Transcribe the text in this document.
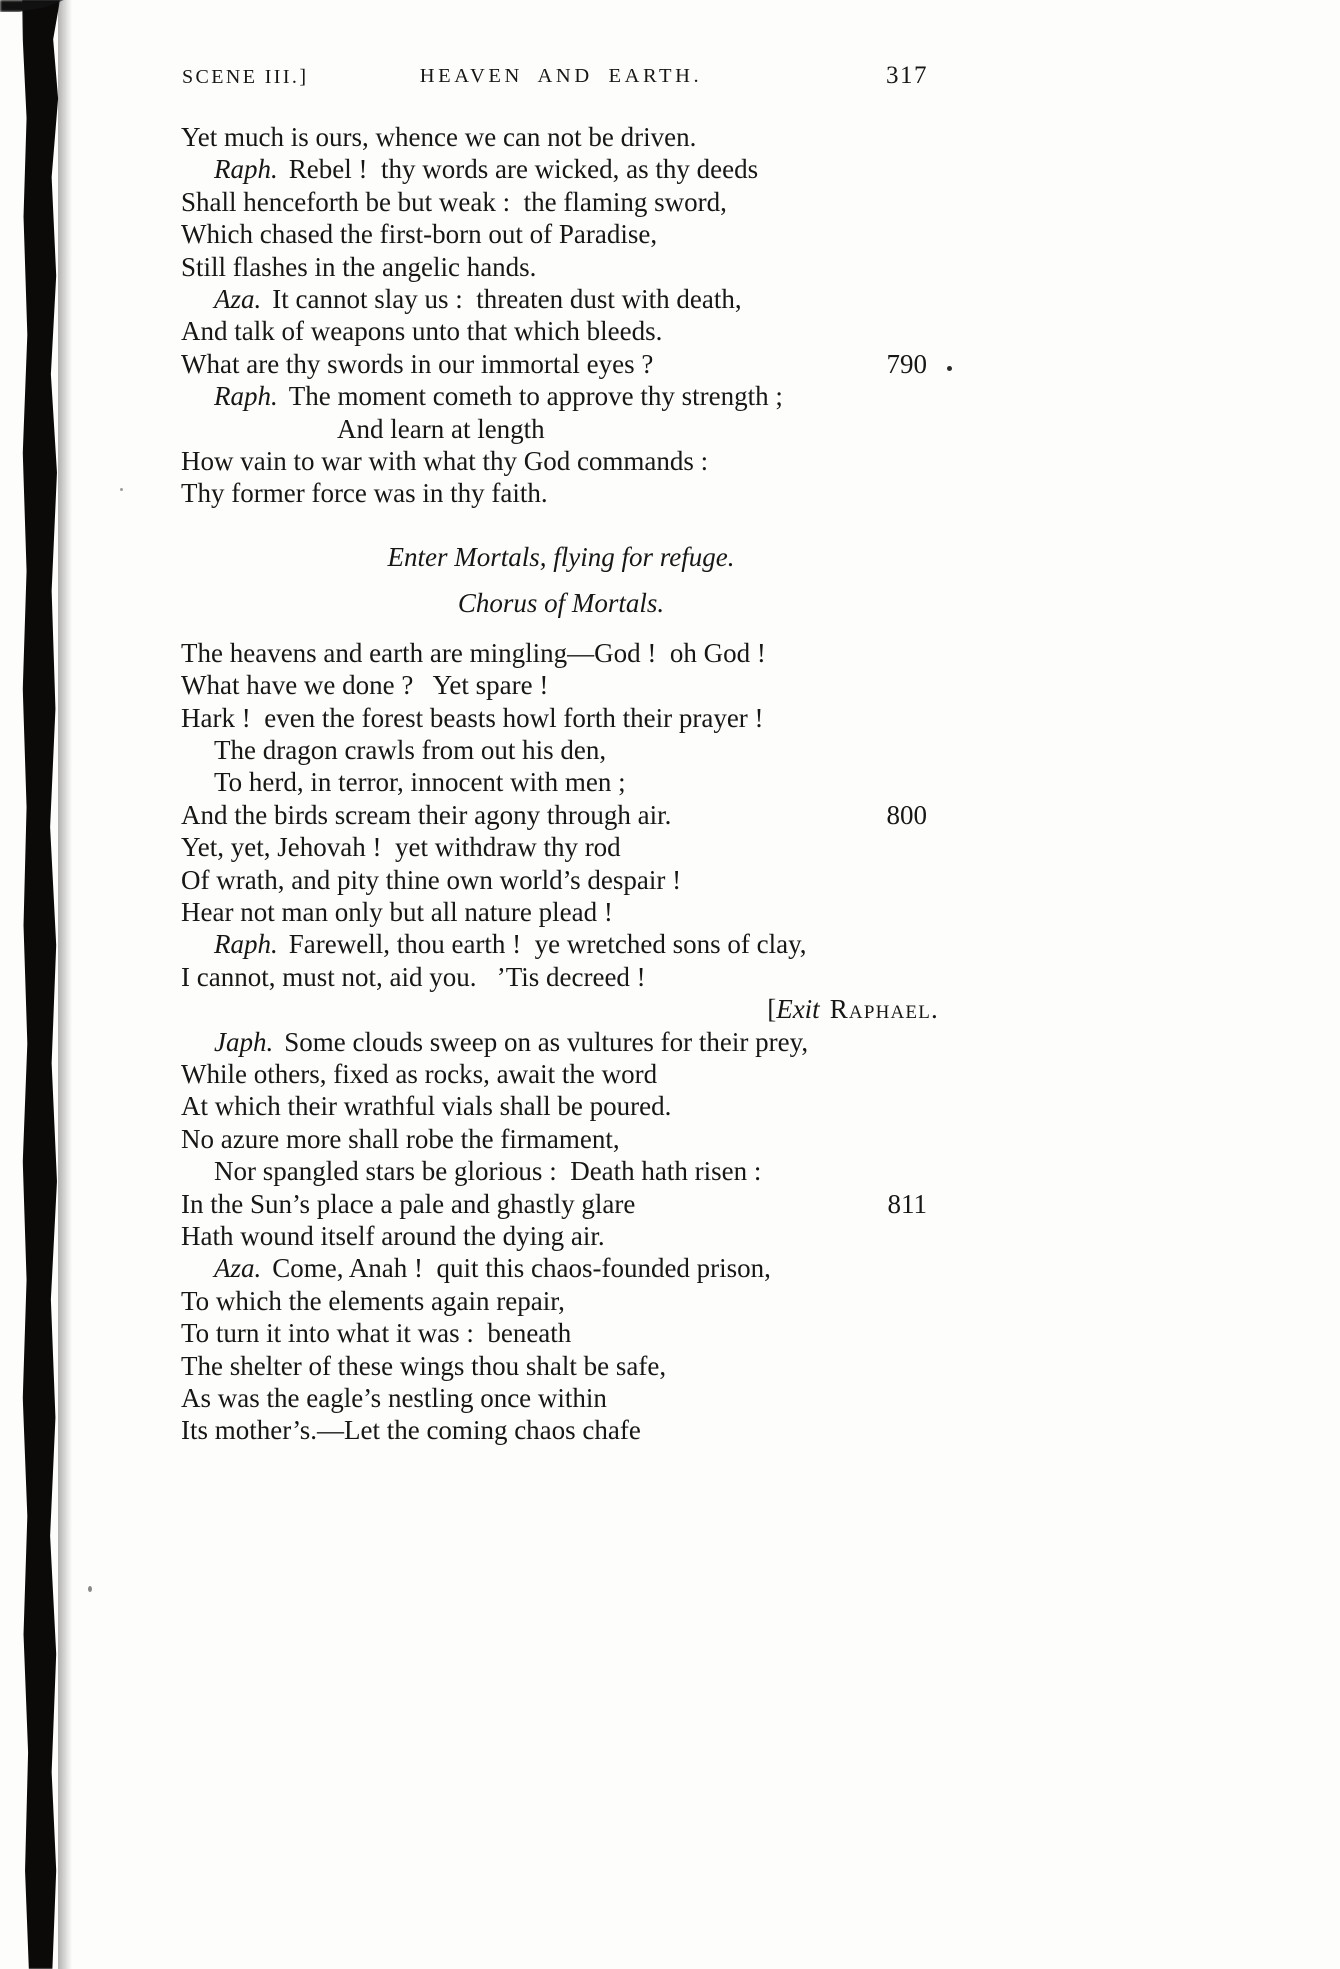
SCENE III.]	HEAVEN AND EARTH.	317
Yet much is ours, whence we can not be driven.
Raph. Rebel !  thy words are wicked, as thy deeds
Shall henceforth be but weak :  the flaming sword,
Which chased the first-born out of Paradise,
Still flashes in the angelic hands.
Aza. It cannot slay us :  threaten dust with death,
And talk of weapons unto that which bleeds.
What are thy swords in our immortal eyes ?	790
Raph. The moment cometh to approve thy strength ;
And learn at length
How vain to war with what thy God commands :
Thy former force was in thy faith.
Enter Mortals, flying for refuge.
Chorus of Mortals.
The heavens and earth are mingling—God !  oh God !
What have we done ?   Yet spare !
Hark !  even the forest beasts howl forth their prayer !
The dragon crawls from out his den,
To herd, in terror, innocent with men ;
And the birds scream their agony through air.	800
Yet, yet, Jehovah !  yet withdraw thy rod
Of wrath, and pity thine own world’s despair !
Hear not man only but all nature plead !
Raph. Farewell, thou earth !  ye wretched sons of clay,
I cannot, must not, aid you.   ’Tis decreed !
[Exit Raphael.
Japh. Some clouds sweep on as vultures for their prey,
While others, fixed as rocks, await the word
At which their wrathful vials shall be poured.
No azure more shall robe the firmament,
Nor spangled stars be glorious :  Death hath risen :
In the Sun’s place a pale and ghastly glare	811
Hath wound itself around the dying air.
Aza. Come, Anah !  quit this chaos-founded prison,
To which the elements again repair,
To turn it into what it was :  beneath
The shelter of these wings thou shalt be safe,
As was the eagle’s nestling once within
Its mother’s.—Let the coming chaos chafe
